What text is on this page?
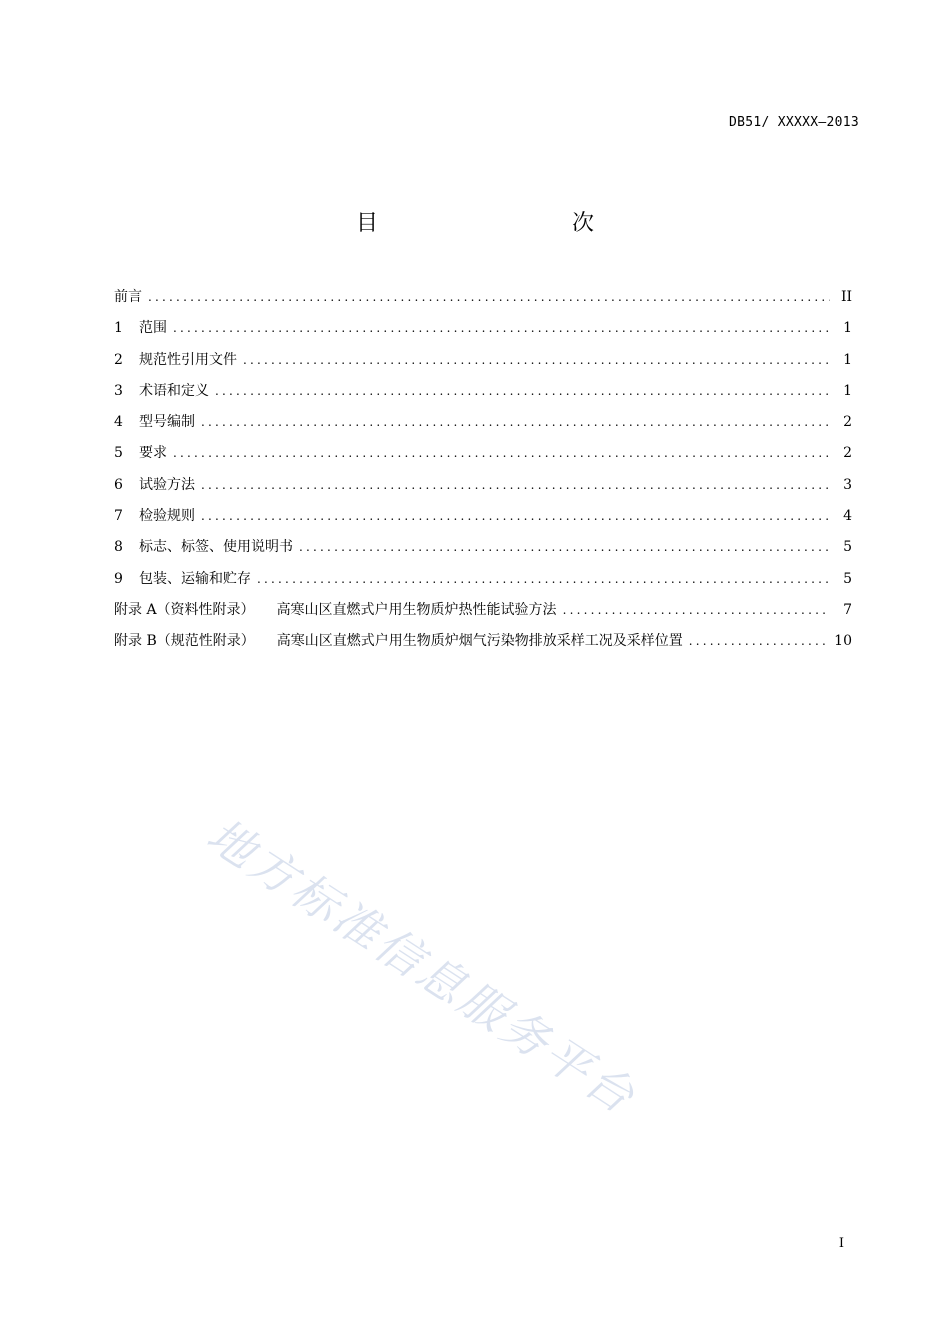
DB51/ XXXXX—2013
目　　次
前言 .....	II
1	范围 .....	1
2	规范性引用文件 .....	1
3	术语和定义 .....	1
4	型号编制 .....	2
5	要求 .....	2
6	试验方法 .....	3
7	检验规则 .....	4
8	标志、标签、使用说明书 .....	5
9	包装、运输和贮存 .....	5
附录 A（资料性附录） 高寒山区直燃式户用生物质炉热性能试验方法 .....	7
附录 B（规范性附录） 高寒山区直燃式户用生物质炉烟气污染物排放采样工况及采样位置 .....	10
地方标准信息服务平台
I
